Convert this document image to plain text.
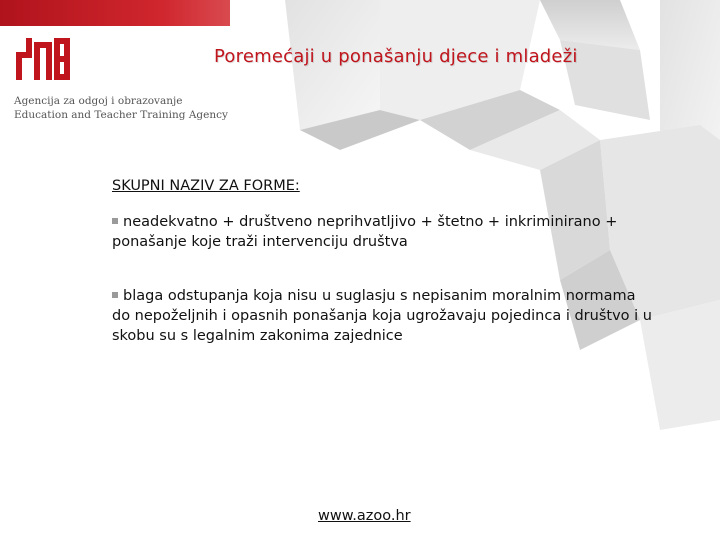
Agencija za odgoj i obrazovanje
Education and Teacher Training Agency
Poremećaji u ponašanju djece i mladeži
SKUPNI NAZIV ZA FORME:
neadekvatno + društveno neprihvatljivo + štetno + inkriminirano + ponašanje koje traži intervenciju društva
blaga odstupanja koja nisu u suglasju s nepisanim moralnim normama do nepoželjnih i opasnih ponašanja koja ugrožavaju pojedinca i društvo i u skobu su s legalnim zakonima zajednice
www.azoo.hr
